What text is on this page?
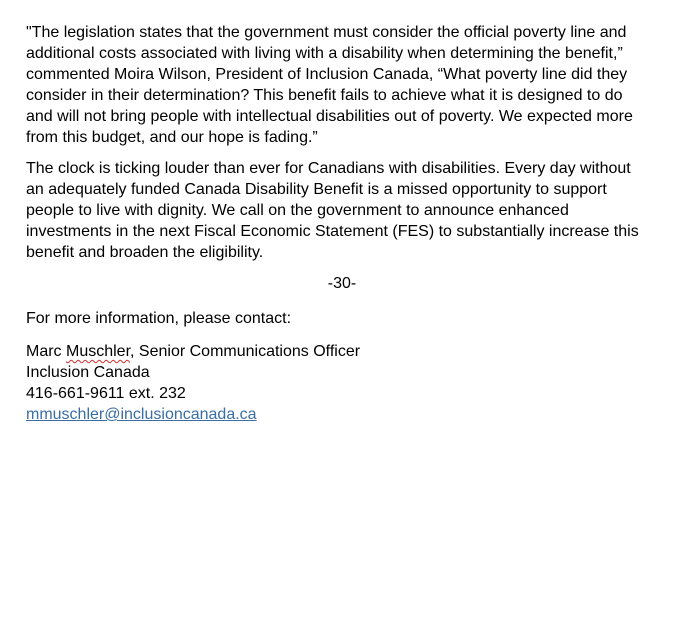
"The legislation states that the government must consider the official poverty line and
additional costs associated with living with a disability when determining the benefit,”
commented Moira Wilson, President of Inclusion Canada, “What poverty line did they
consider in their determination? This benefit fails to achieve what it is designed to do
and will not bring people with intellectual disabilities out of poverty. We expected more
from this budget, and our hope is fading.”

The clock is ticking louder than ever for Canadians with disabilities. Every day without
an adequately funded Canada Disability Benefit is a missed opportunity to support
people to live with dignity. We call on the government to announce enhanced
investments in the next Fiscal Economic Statement (FES) to substantially increase this
benefit and broaden the eligibility.

-30-

For more information, please contact:

Marc Muschler, Senior Communications Officer
Inclusion Canada
416-661-9611 ext. 232
mmuschler@inclusioncanada.ca
